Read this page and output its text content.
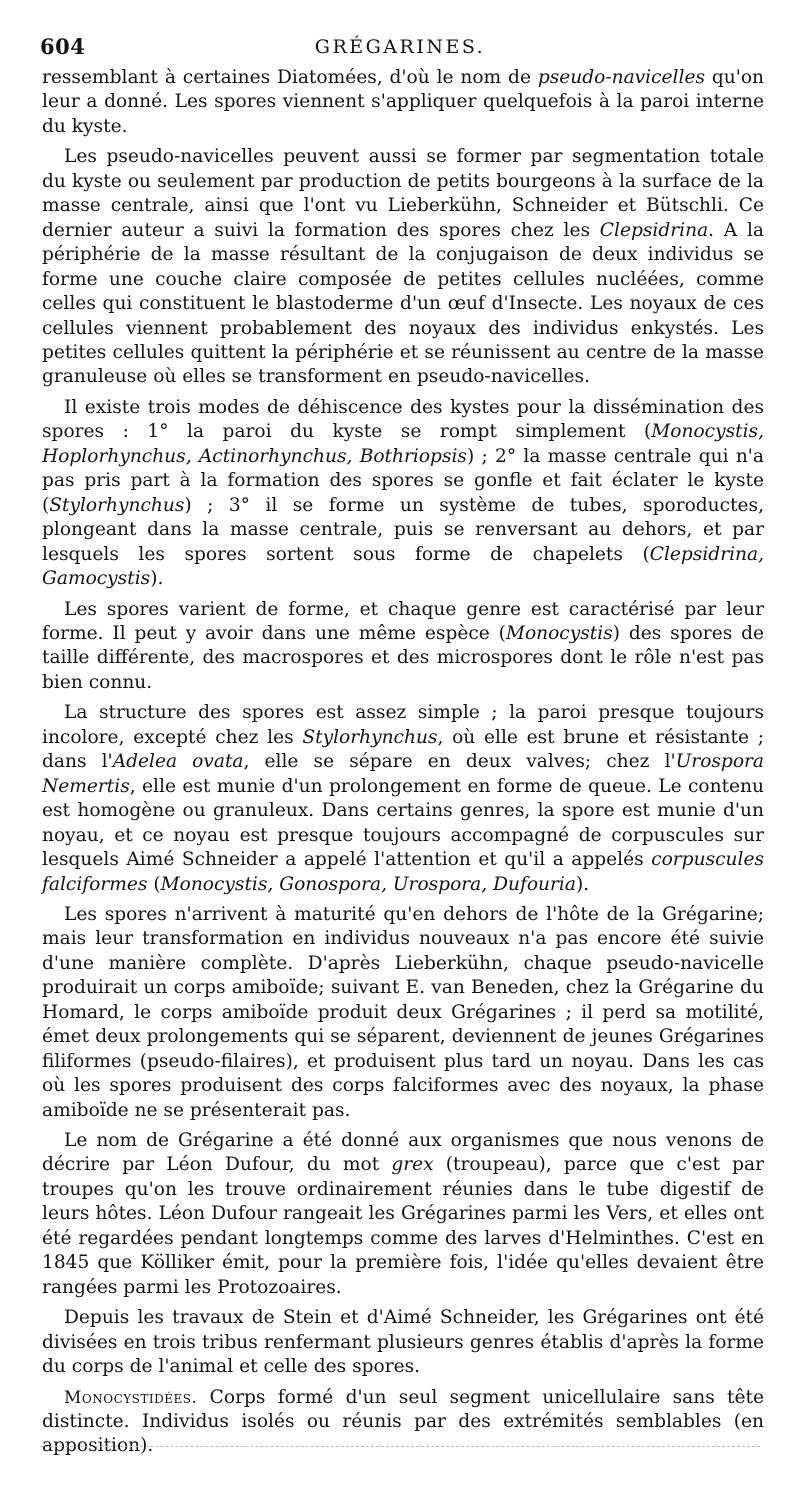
604	GRÉGARINES.

ressemblant à certaines Diatomées, d'où le nom de pseudo-navicelles qu'on leur a donné. Les spores viennent s'appliquer quelquefois à la paroi interne du kyste.

Les pseudo-navicelles peuvent aussi se former par segmentation totale du kyste ou seulement par production de petits bourgeons à la surface de la masse centrale, ainsi que l'ont vu Lieberkühn, Schneider et Bütschli. Ce dernier auteur a suivi la formation des spores chez les Clepsidrina. A la périphérie de la masse résultant de la conjugaison de deux individus se forme une couche claire composée de petites cellules nucléées, comme celles qui constituent le blastoderme d'un œuf d'Insecte. Les noyaux de ces cellules viennent probablement des noyaux des individus enkystés. Les petites cellules quittent la périphérie et se réunissent au centre de la masse granuleuse où elles se transforment en pseudo-navicelles.

Il existe trois modes de déhiscence des kystes pour la dissémination des spores : 1° la paroi du kyste se rompt simplement (Monocystis, Hoplorhynchus, Actinorhynchus, Bothriopsis) ; 2° la masse centrale qui n'a pas pris part à la formation des spores se gonfle et fait éclater le kyste (Stylorhynchus) ; 3° il se forme un système de tubes, sporoductes, plongeant dans la masse centrale, puis se renversant au dehors, et par lesquels les spores sortent sous forme de chapelets (Clepsidrina, Gamocystis).

Les spores varient de forme, et chaque genre est caractérisé par leur forme. Il peut y avoir dans une même espèce (Monocystis) des spores de taille différente, des macrospores et des microspores dont le rôle n'est pas bien connu.

La structure des spores est assez simple ; la paroi presque toujours incolore, excepté chez les Stylorhynchus, où elle est brune et résistante ; dans l'Adelea ovata, elle se sépare en deux valves; chez l'Urospora Nemertis, elle est munie d'un prolongement en forme de queue. Le contenu est homogène ou granuleux. Dans certains genres, la spore est munie d'un noyau, et ce noyau est presque toujours accompagné de corpuscules sur lesquels Aimé Schneider a appelé l'attention et qu'il a appelés corpuscules falciformes (Monocystis, Gonospora, Urospora, Dufouria).

Les spores n'arrivent à maturité qu'en dehors de l'hôte de la Grégarine; mais leur transformation en individus nouveaux n'a pas encore été suivie d'une manière complète. D'après Lieberkühn, chaque pseudo-navicelle produirait un corps amiboïde; suivant E. van Beneden, chez la Grégarine du Homard, le corps amiboïde produit deux Grégarines ; il perd sa motilité, émet deux prolongements qui se séparent, deviennent de jeunes Grégarines filiformes (pseudo-filaires), et produisent plus tard un noyau. Dans les cas où les spores produisent des corps falciformes avec des noyaux, la phase amiboïde ne se présenterait pas.

Le nom de Grégarine a été donné aux organismes que nous venons de décrire par Léon Dufour, du mot grex (troupeau), parce que c'est par troupes qu'on les trouve ordinairement réunies dans le tube digestif de leurs hôtes. Léon Dufour rangeait les Grégarines parmi les Vers, et elles ont été regardées pendant longtemps comme des larves d'Helminthes. C'est en 1845 que Kölliker émit, pour la première fois, l'idée qu'elles devaient être rangées parmi les Protozoaires.

Depuis les travaux de Stein et d'Aimé Schneider, les Grégarines ont été divisées en trois tribus renfermant plusieurs genres établis d'après la forme du corps de l'animal et celle des spores.

Monocystidées. Corps formé d'un seul segment unicellulaire sans tête distincte. Individus isolés ou réunis par des extrémités semblables (en apposition).
